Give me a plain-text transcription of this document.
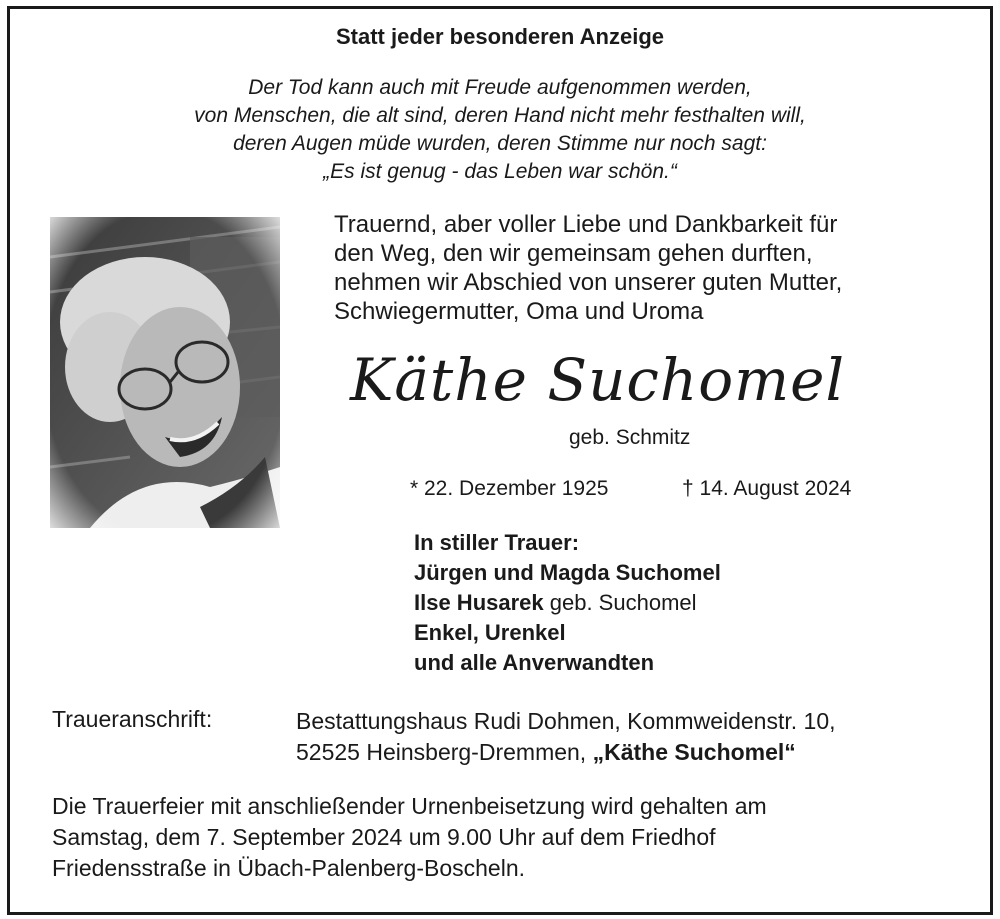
Statt jeder besonderen Anzeige
Der Tod kann auch mit Freude aufgenommen werden,
von Menschen, die alt sind, deren Hand nicht mehr festhalten will,
deren Augen müde wurden, deren Stimme nur noch sagt:
„Es ist genug - das Leben war schön.“
Trauernd, aber voller Liebe und Dankbarkeit für
den Weg, den wir gemeinsam gehen durften,
nehmen wir Abschied von unserer guten Mutter,
Schwiegermutter, Oma und Uroma
Käthe Suchomel
geb. Schmitz
* 22. Dezember 1925	† 14. August 2024
In stiller Trauer:
Jürgen und Magda Suchomel
Ilse Husarek geb. Suchomel
Enkel, Urenkel
und alle Anverwandten
Traueranschrift:	Bestattungshaus Rudi Dohmen, Kommweidenstr. 10,
52525 Heinsberg-Dremmen, „Käthe Suchomel“
Die Trauerfeier mit anschließender Urnenbeisetzung wird gehalten am
Samstag, dem 7. September 2024 um 9.00 Uhr auf dem Friedhof
Friedensstraße in Übach-Palenberg-Boscheln.
